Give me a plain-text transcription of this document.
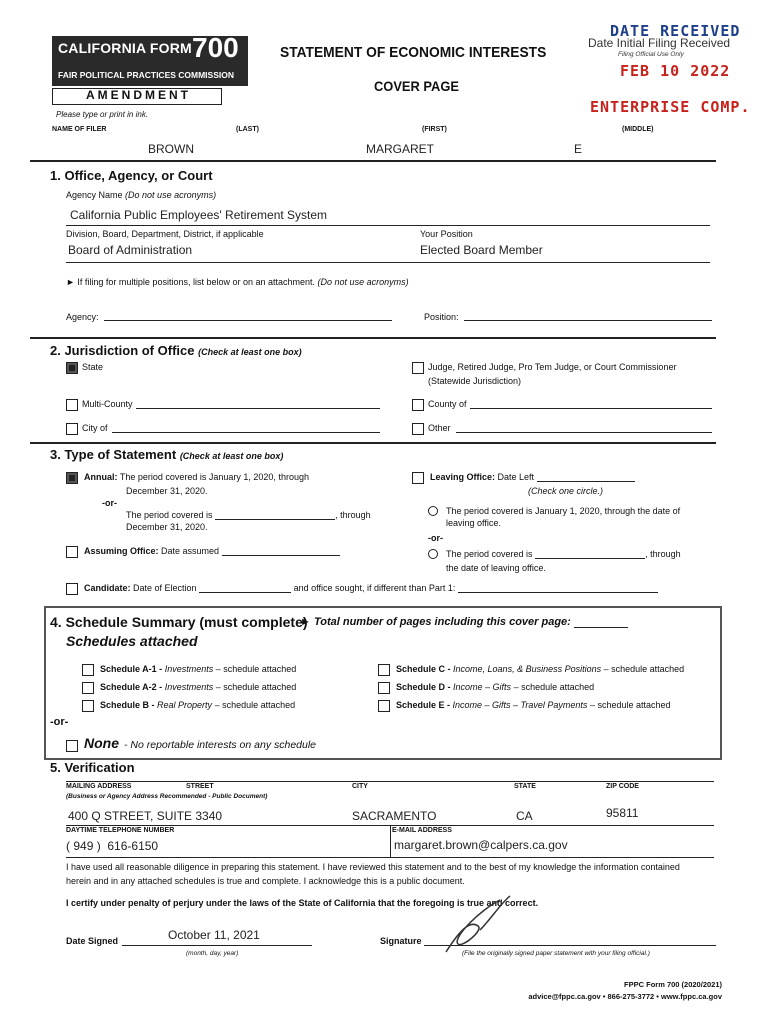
CALIFORNIA FORM 700
FAIR POLITICAL PRACTICES COMMISSION
AMENDMENT
Please type or print in ink.
STATEMENT OF ECONOMIC INTERESTS
COVER PAGE
DATE RECEIVED
Date Initial Filing Received
Filing Official Use Only
FEB 10 2022
ENTERPRISE COMP.
NAME OF FILER	(LAST)	(FIRST)	(MIDDLE)
BROWN	MARGARET	E
1. Office, Agency, or Court
Agency Name (Do not use acronyms)
California Public Employees' Retirement System
Division, Board, Department, District, if applicable	Your Position
Board of Administration	Elected Board Member
► If filing for multiple positions, list below or on an attachment. (Do not use acronyms)
Agency:	Position:
2. Jurisdiction of Office (Check at least one box)
State	Judge, Retired Judge, Pro Tem Judge, or Court Commissioner
(Statewide Jurisdiction)
Multi-County	County of
City of	Other
3. Type of Statement (Check at least one box)
Annual: The period covered is January 1, 2020, through
December 31, 2020.
-or-
The period covered is	, through
December 31, 2020.
Leaving Office: Date Left
(Check one circle.)
The period covered is January 1, 2020, through the date of
leaving office.
-or-
The period covered is	, through
the date of leaving office.
Assuming Office: Date assumed
Candidate: Date of Election	and office sought, if different than Part 1:
4. Schedule Summary (must complete)
► Total number of pages including this cover page:
Schedules attached
Schedule A-1 - Investments – schedule attached
Schedule A-2 - Investments – schedule attached
Schedule B - Real Property – schedule attached
Schedule C - Income, Loans, & Business Positions – schedule attached
Schedule D - Income – Gifts – schedule attached
Schedule E - Income – Gifts – Travel Payments – schedule attached
-or-
None - No reportable interests on any schedule
5. Verification
MAILING ADDRESS	STREET	CITY	STATE	ZIP CODE
(Business or Agency Address Recommended - Public Document)
400 Q STREET, SUITE 3340	SACRAMENTO	CA	95811
DAYTIME TELEPHONE NUMBER	E-MAIL ADDRESS
( 949 )  616-6150	margaret.brown@calpers.ca.gov
I have used all reasonable diligence in preparing this statement. I have reviewed this statement and to the best of my knowledge the information contained
herein and in any attached schedules is true and complete. I acknowledge this is a public document.
I certify under penalty of perjury under the laws of the State of California that the foregoing is true and correct.
Date Signed	October 11, 2021
(month, day, year)
Signature
(File the originally signed paper statement with your filing official.)
FPPC Form 700 (2020/2021)
advice@fppc.ca.gov • 866-275-3772 • www.fppc.ca.gov
